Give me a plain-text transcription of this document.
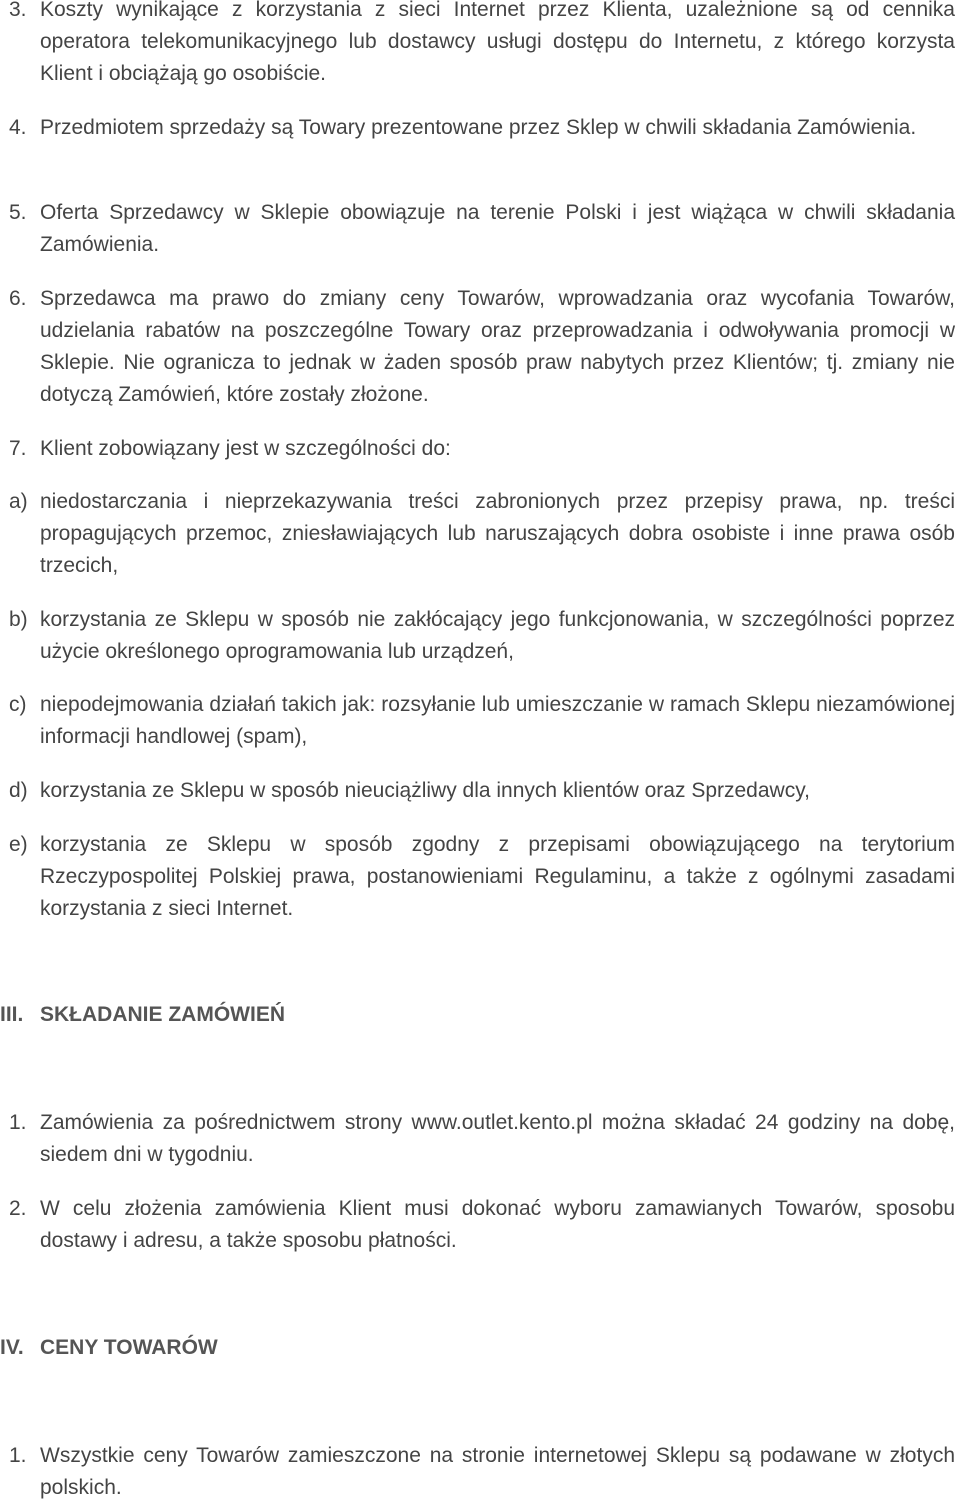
3. Koszty wynikające z korzystania z sieci Internet przez Klienta, uzależnione są od cennika operatora telekomunikacyjnego lub dostawcy usługi dostępu do Internetu, z którego korzysta Klient i obciążają go osobiście.
4. Przedmiotem sprzedaży są Towary prezentowane przez Sklep w chwili składania Zamówienia.
5. Oferta Sprzedawcy w Sklepie obowiązuje na terenie Polski i jest wiążąca w chwili składania Zamówienia.
6. Sprzedawca ma prawo do zmiany ceny Towarów, wprowadzania oraz wycofania Towarów, udzielania rabatów na poszczególne Towary oraz przeprowadzania i odwoływania promocji w Sklepie. Nie ogranicza to jednak w żaden sposób praw nabytych przez Klientów; tj. zmiany nie dotyczą Zamówień, które zostały złożone.
7. Klient zobowiązany jest w szczególności do:
a) niedostarczania i nieprzekazywania treści zabronionych przez przepisy prawa, np. treści propagujących przemoc, zniesławiających lub naruszających dobra osobiste i inne prawa osób trzecich,
b) korzystania ze Sklepu w sposób nie zakłócający jego funkcjonowania, w szczególności poprzez użycie określonego oprogramowania lub urządzeń,
c) niepodejmowania działań takich jak: rozsyłanie lub umieszczanie w ramach Sklepu niezamówionej informacji handlowej (spam),
d) korzystania ze Sklepu w sposób nieuciążliwy dla innych klientów oraz Sprzedawcy,
e) korzystania ze Sklepu w sposób zgodny z przepisami obowiązującego na terytorium Rzeczypospolitej Polskiej prawa, postanowieniami Regulaminu, a także z ogólnymi zasadami korzystania z sieci Internet.
III. SKŁADANIE ZAMÓWIEŃ
1. Zamówienia za pośrednictwem strony www.outlet.kento.pl można składać 24 godziny na dobę, siedem dni w tygodniu.
2. W celu złożenia zamówienia Klient musi dokonać wyboru zamawianych Towarów, sposobu dostawy i adresu, a także sposobu płatności.
IV. CENY TOWARÓW
1. Wszystkie ceny Towarów zamieszczone na stronie internetowej Sklepu są podawane w złotych polskich.
